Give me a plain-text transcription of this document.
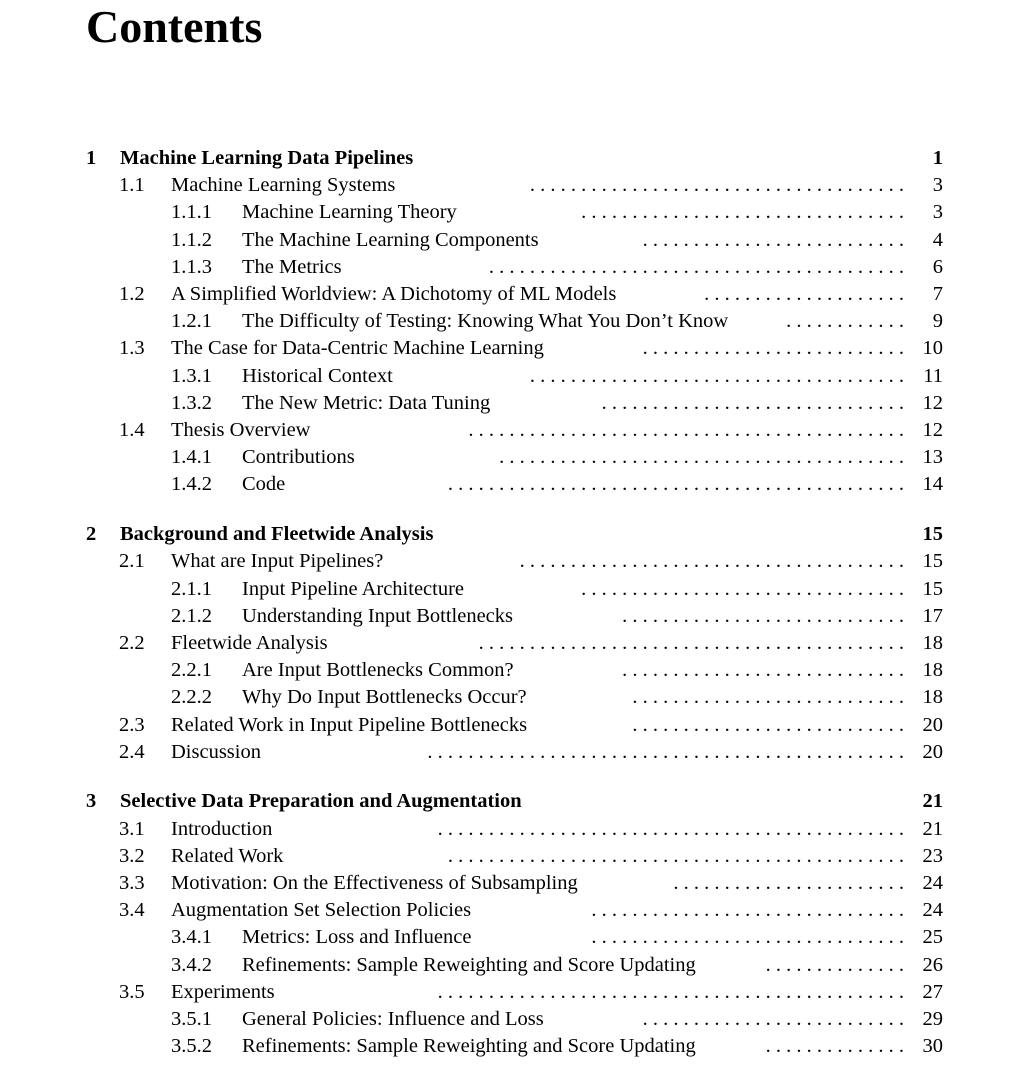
Contents
1 Machine Learning Data Pipelines	1
1.1 Machine Learning Systems	3
. . . . . . . . . . . . . . . . . . . . . . . . . . . . . . . . . . . . .
1.1.1 Machine Learning Theory	3
. . . . . . . . . . . . . . . . . . . . . . . . . . . . . . . .
1.1.2 The Machine Learning Components	4
. . . . . . . . . . . . . . . . . . . . . . . . . .
1.1.3 The Metrics	6
. . . . . . . . . . . . . . . . . . . . . . . . . . . . . . . . . . . . . . . . .
1.2 A Simplified Worldview: A Dichotomy of ML Models	7
. . . . . . . . . . . . . . . . . . . .
1.2.1 The Difficulty of Testing: Knowing What You Don’t Know	9
. . . . . . . . . . . .
1.3 The Case for Data-Centric Machine Learning	10
. . . . . . . . . . . . . . . . . . . . . . . . . .
1.3.1 Historical Context	11
. . . . . . . . . . . . . . . . . . . . . . . . . . . . . . . . . . . . .
1.3.2 The New Metric: Data Tuning	12
. . . . . . . . . . . . . . . . . . . . . . . . . . . . . .
1.4 Thesis Overview	12
. . . . . . . . . . . . . . . . . . . . . . . . . . . . . . . . . . . . . . . . . . .
1.4.1 Contributions	13
. . . . . . . . . . . . . . . . . . . . . . . . . . . . . . . . . . . . . . . .
1.4.2 Code	14
. . . . . . . . . . . . . . . . . . . . . . . . . . . . . . . . . . . . . . . . . . . . .
2 Background and Fleetwide Analysis	15
2.1 What are Input Pipelines?	15
. . . . . . . . . . . . . . . . . . . . . . . . . . . . . . . . . . . . . .
2.1.1 Input Pipeline Architecture	15
. . . . . . . . . . . . . . . . . . . . . . . . . . . . . . . .
2.1.2 Understanding Input Bottlenecks	17
. . . . . . . . . . . . . . . . . . . . . . . . . . . .
2.2 Fleetwide Analysis	18
. . . . . . . . . . . . . . . . . . . . . . . . . . . . . . . . . . . . . . . . . .
2.2.1 Are Input Bottlenecks Common?	18
. . . . . . . . . . . . . . . . . . . . . . . . . . . .
2.2.2 Why Do Input Bottlenecks Occur?	18
. . . . . . . . . . . . . . . . . . . . . . . . . . .
2.3 Related Work in Input Pipeline Bottlenecks	20
. . . . . . . . . . . . . . . . . . . . . . . . . . .
2.4 Discussion	20
. . . . . . . . . . . . . . . . . . . . . . . . . . . . . . . . . . . . . . . . . . . . . . .
3 Selective Data Preparation and Augmentation	21
3.1 Introduction	21
. . . . . . . . . . . . . . . . . . . . . . . . . . . . . . . . . . . . . . . . . . . . . .
3.2 Related Work	23
. . . . . . . . . . . . . . . . . . . . . . . . . . . . . . . . . . . . . . . . . . . . .
3.3 Motivation: On the Effectiveness of Subsampling	24
. . . . . . . . . . . . . . . . . . . . . . .
3.4 Augmentation Set Selection Policies	24
. . . . . . . . . . . . . . . . . . . . . . . . . . . . . . .
3.4.1 Metrics: Loss and Influence	25
. . . . . . . . . . . . . . . . . . . . . . . . . . . . . . .
3.4.2 Refinements: Sample Reweighting and Score Updating	26
. . . . . . . . . . . . . .
3.5 Experiments	27
. . . . . . . . . . . . . . . . . . . . . . . . . . . . . . . . . . . . . . . . . . . . . .
3.5.1 General Policies: Influence and Loss	29
. . . . . . . . . . . . . . . . . . . . . . . . . .
3.5.2 Refinements: Sample Reweighting and Score Updating	30
. . . . . . . . . . . . . .
